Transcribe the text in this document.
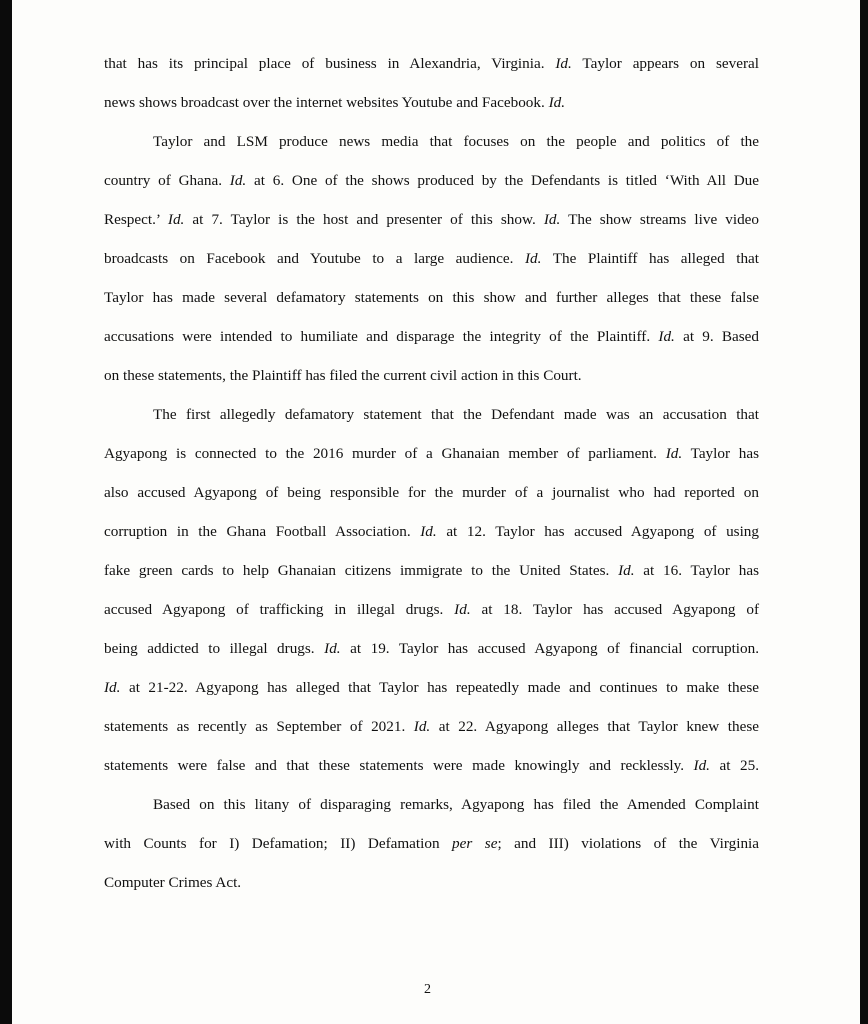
that has its principal place of business in Alexandria, Virginia. Id. Taylor appears on several
news shows broadcast over the internet websites Youtube and Facebook. Id.
Taylor and LSM produce news media that focuses on the people and politics of the
country of Ghana. Id. at 6. One of the shows produced by the Defendants is titled ‘With All Due
Respect.’ Id. at 7. Taylor is the host and presenter of this show. Id. The show streams live video
broadcasts on Facebook and Youtube to a large audience. Id. The Plaintiff has alleged that
Taylor has made several defamatory statements on this show and further alleges that these false
accusations were intended to humiliate and disparage the integrity of the Plaintiff. Id. at 9. Based
on these statements, the Plaintiff has filed the current civil action in this Court.
The first allegedly defamatory statement that the Defendant made was an accusation that
Agyapong is connected to the 2016 murder of a Ghanaian member of parliament. Id. Taylor has
also accused Agyapong of being responsible for the murder of a journalist who had reported on
corruption in the Ghana Football Association. Id. at 12. Taylor has accused Agyapong of using
fake green cards to help Ghanaian citizens immigrate to the United States. Id. at 16. Taylor has
accused Agyapong of trafficking in illegal drugs. Id. at 18. Taylor has accused Agyapong of
being addicted to illegal drugs. Id. at 19. Taylor has accused Agyapong of financial corruption.
Id. at 21-22. Agyapong has alleged that Taylor has repeatedly made and continues to make these
statements as recently as September of 2021. Id. at 22. Agyapong alleges that Taylor knew these
statements were false and that these statements were made knowingly and recklessly. Id. at 25.
Based on this litany of disparaging remarks, Agyapong has filed the Amended Complaint
with Counts for I) Defamation; II) Defamation per se; and III) violations of the Virginia
Computer Crimes Act.
2
